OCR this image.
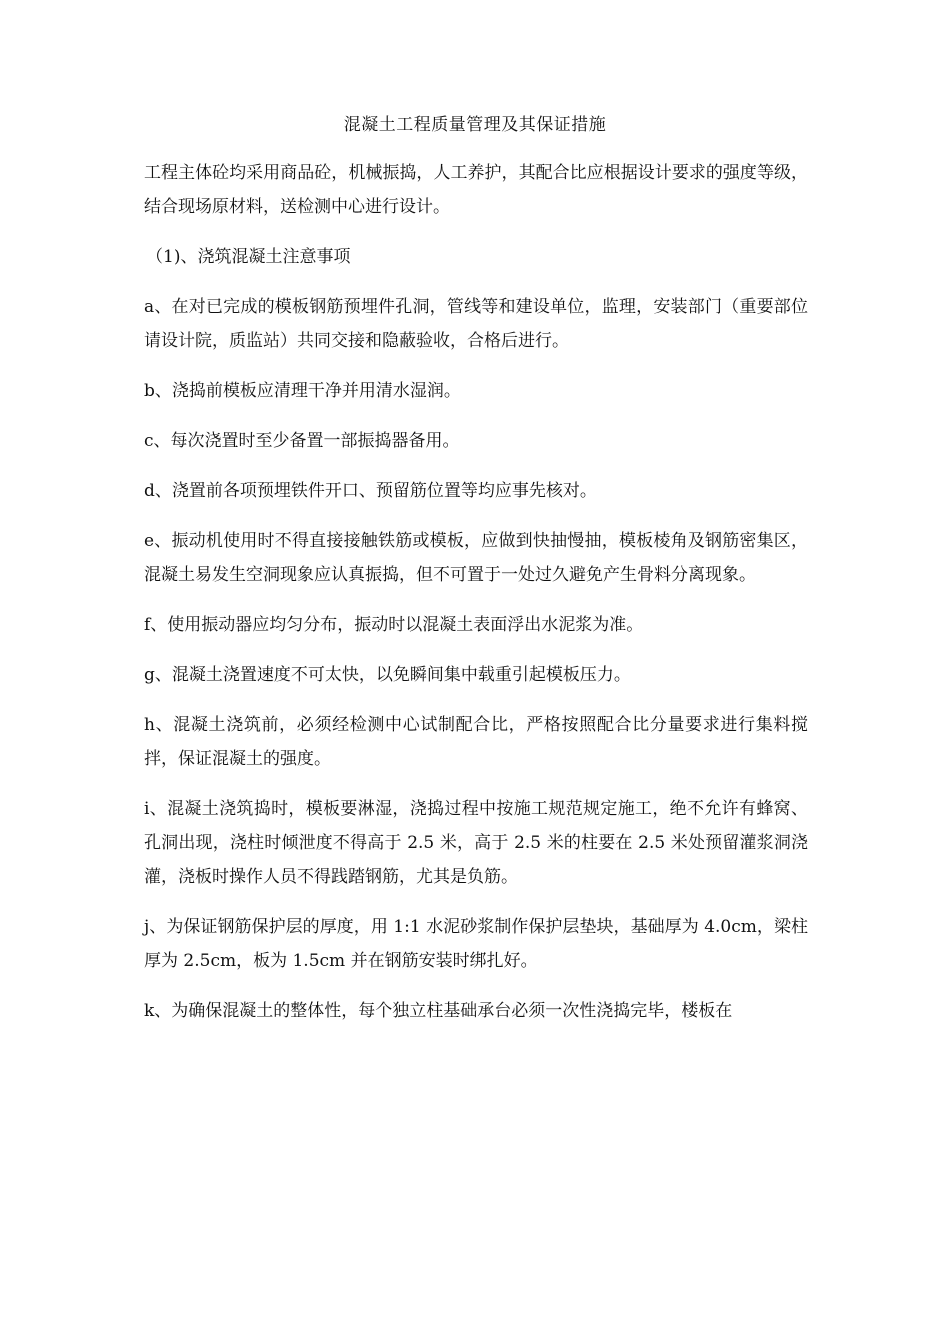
混凝土工程质量管理及其保证措施

工程主体砼均采用商品砼，机械振捣，人工养护，其配合比应根据设计要求的强度等级，结合现场原材料，送检测中心进行设计。

（1)、浇筑混凝土注意事项

a、在对已完成的模板钢筋预埋件孔洞，管线等和建设单位，监理，安装部门（重要部位请设计院，质监站）共同交接和隐蔽验收，合格后进行。

b、浇捣前模板应清理干净并用清水湿润。

c、每次浇置时至少备置一部振捣器备用。

d、浇置前各项预埋铁件开口、预留筋位置等均应事先核对。

e、振动机使用时不得直接接触铁筋或模板，应做到快抽慢抽，模板棱角及钢筋密集区，混凝土易发生空洞现象应认真振捣，但不可置于一处过久避免产生骨料分离现象。

f、使用振动器应均匀分布，振动时以混凝土表面浮出水泥浆为准。

g、混凝土浇置速度不可太快，以免瞬间集中载重引起模板压力。

h、混凝土浇筑前，必须经检测中心试制配合比，严格按照配合比分量要求进行集料搅拌，保证混凝土的强度。

i、混凝土浇筑捣时，模板要淋湿，浇捣过程中按施工规范规定施工，绝不允许有蜂窝、孔洞出现，浇柱时倾泄度不得高于 2.5 米，高于 2.5 米的柱要在 2.5 米处预留灌浆洞浇灌，浇板时操作人员不得践踏钢筋，尤其是负筋。

j、为保证钢筋保护层的厚度，用 1:1 水泥砂浆制作保护层垫块，基础厚为 4.0cm，梁柱厚为 2.5cm，板为 1.5cm 并在钢筋安装时绑扎好。

k、为确保混凝土的整体性，每个独立柱基础承台必须一次性浇捣完毕，楼板在
